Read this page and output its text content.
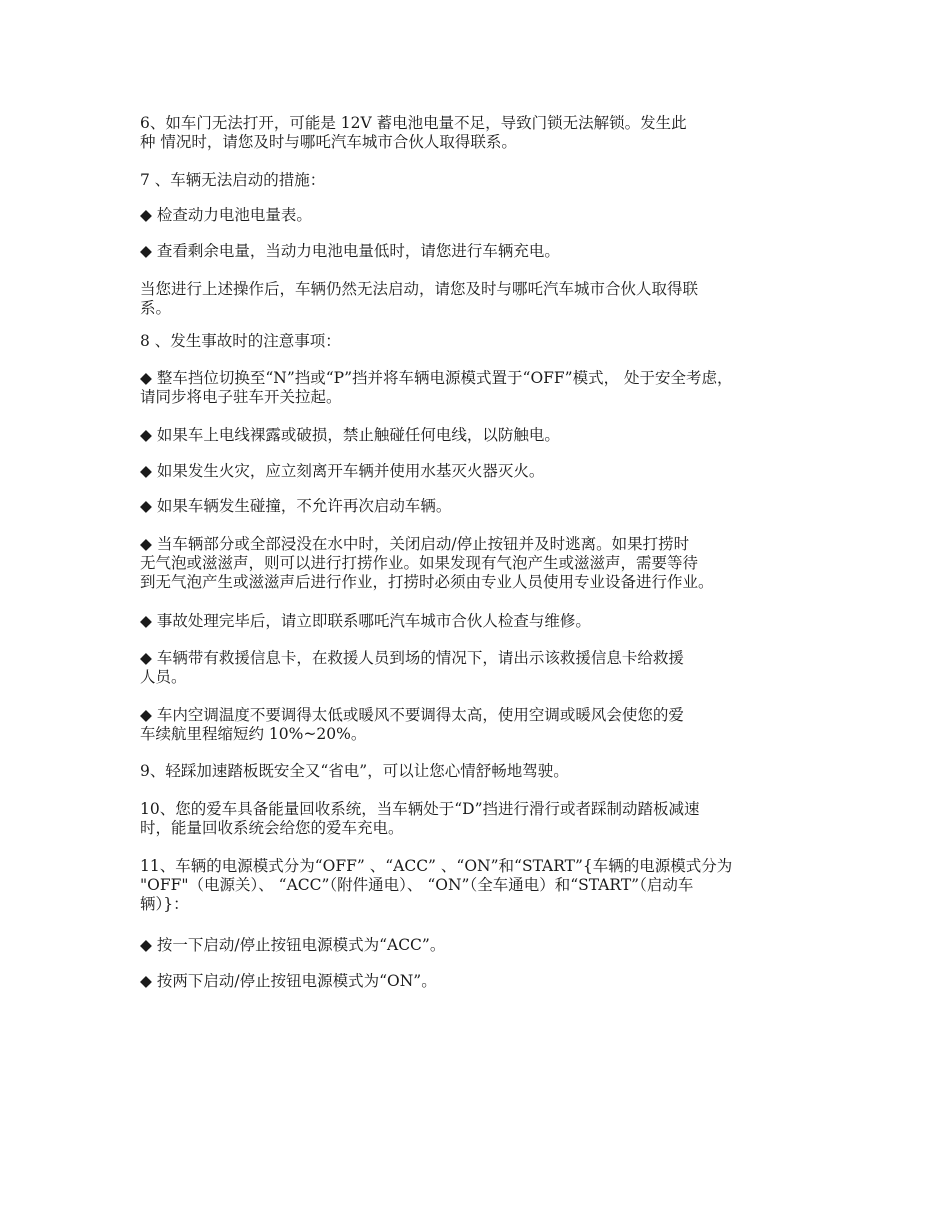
6、如车门无法打开，可能是 12V 蓄电池电量不足，导致门锁无法解锁。发生此
种 情况时，请您及时与哪吒汽车城市合伙人取得联系。

7 、车辆无法启动的措施：

◆ 检查动力电池电量表。

◆ 查看剩余电量，当动力电池电量低时，请您进行车辆充电。

当您进行上述操作后，车辆仍然无法启动，请您及时与哪吒汽车城市合伙人取得联
系。

8 、发生事故时的注意事项：

◆ 整车挡位切换至“N”挡或“P”挡并将车辆电源模式置于“OFF”模式， 处于安全考虑，
请同步将电子驻车开关拉起。

◆ 如果车上电线裸露或破损，禁止触碰任何电线，以防触电。

◆ 如果发生火灾，应立刻离开车辆并使用水基灭火器灭火。

◆ 如果车辆发生碰撞，不允许再次启动车辆。

◆ 当车辆部分或全部浸没在水中时，关闭启动/停止按钮并及时逃离。如果打捞时
无气泡或滋滋声，则可以进行打捞作业。如果发现有气泡产生或滋滋声，需要等待
到无气泡产生或滋滋声后进行作业，打捞时必须由专业人员使用专业设备进行作业。

◆ 事故处理完毕后，请立即联系哪吒汽车城市合伙人检查与维修。

◆ 车辆带有救援信息卡，在救援人员到场的情况下，请出示该救援信息卡给救援
人员。

◆ 车内空调温度不要调得太低或暖风不要调得太高，使用空调或暖风会使您的爱
车续航里程缩短约 10%~20%。

9、轻踩加速踏板既安全又“省电”，可以让您心情舒畅地驾驶。

10、您的爱车具备能量回收系统，当车辆处于“D”挡进行滑行或者踩制动踏板减速
时，能量回收系统会给您的爱车充电。

11、车辆的电源模式分为“OFF” 、“ACC” 、“ON”和“START”{车辆的电源模式分为
"OFF"（电源关）、 “ACC”（附件通电）、 “ON”（全车通电）和“START”（启动车
辆）}：

◆ 按一下启动/停止按钮电源模式为“ACC”。

◆ 按两下启动/停止按钮电源模式为“ON”。
